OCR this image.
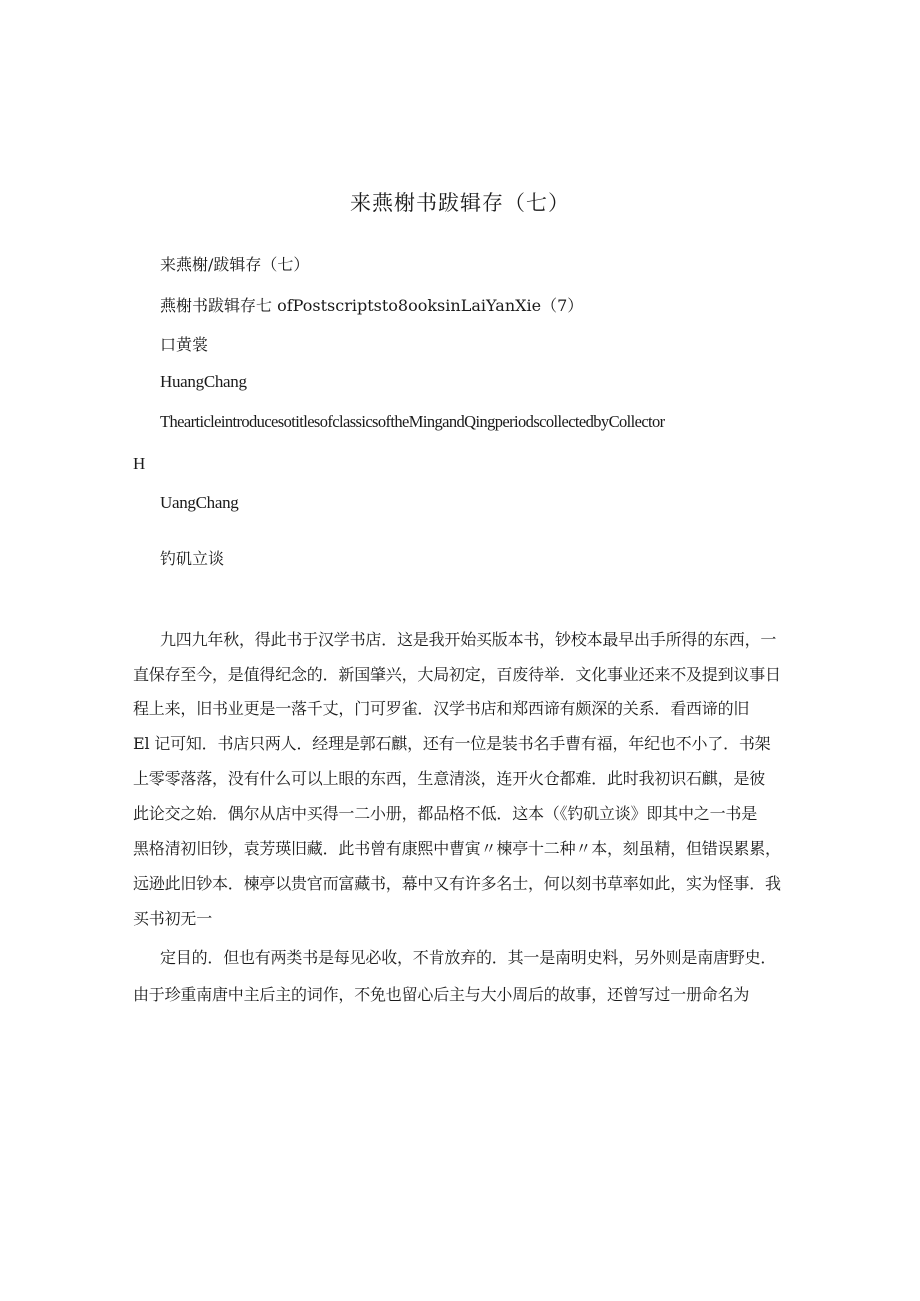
来燕榭书跋辑存（七）
来燕榭/跋辑存（七）
燕榭书跋辑存七 ofPostscriptsto8ooksinLaiYanXie（7）
口黄裳
HuangChang
ThearticleintroducesotitlesofclassicsoftheMingandQingperiodscollectedbyCollector
H
UangChang
钓矶立谈
九四九年秋，得此书于汉学书店．这是我开始买版本书，钞校本最早出手所得的东西，一
直保存至今，是值得纪念的．新国肇兴，大局初定，百废待举．文化事业还来不及提到议事日
程上来，旧书业更是一落千丈，门可罗雀．汉学书店和郑西谛有颇深的关系．看西谛的旧
El 记可知．书店只两人．经理是郭石麒，还有一位是装书名手曹有福，年纪也不小了．书架
上零零落落，没有什么可以上眼的东西，生意清淡，连开火仓都难．此时我初识石麒，是彼
此论交之始．偶尔从店中买得一二小册，都品格不低．这本（《钓矶立谈》即其中之一书是
黑格清初旧钞，袁芳瑛旧藏．此书曾有康熙中曹寅〃楝亭十二种〃本，刻虽精，但错误累累，
远逊此旧钞本．楝亭以贵官而富藏书，幕中又有许多名士，何以刻书草率如此，实为怪事．我
买书初无一
定目的．但也有两类书是每见必收，不肯放弃的．其一是南明史料，另外则是南唐野史．
由于珍重南唐中主后主的词作，不免也留心后主与大小周后的故事，还曾写过一册命名为
